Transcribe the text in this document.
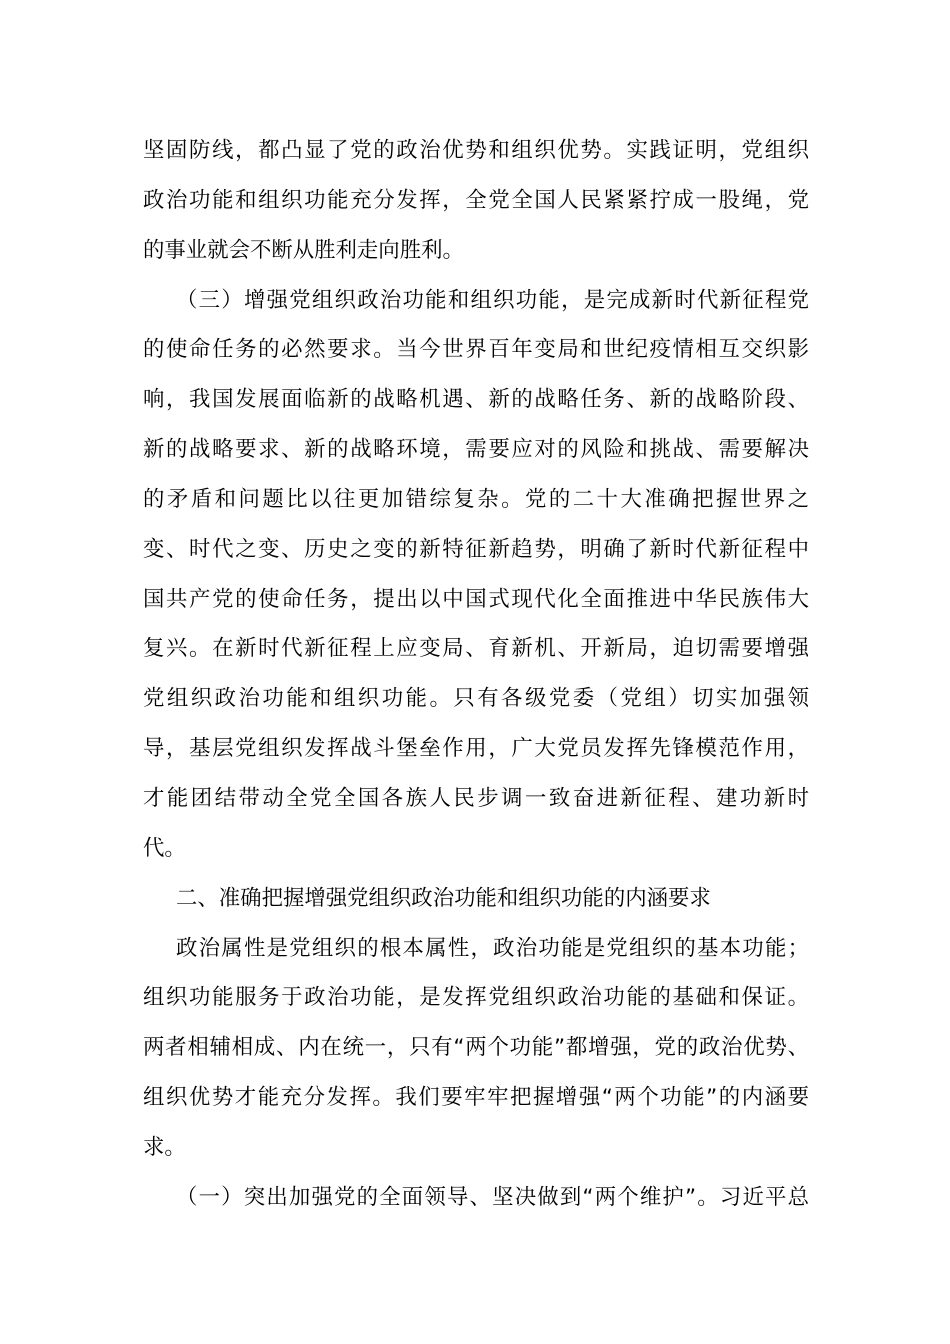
坚固防线，都凸显了党的政治优势和组织优势。实践证明，党组织
政治功能和组织功能充分发挥，全党全国人民紧紧拧成一股绳，党
的事业就会不断从胜利走向胜利。
（三）增强党组织政治功能和组织功能，是完成新时代新征程党
的使命任务的必然要求。当今世界百年变局和世纪疫情相互交织影
响，我国发展面临新的战略机遇、新的战略任务、新的战略阶段、
新的战略要求、新的战略环境，需要应对的风险和挑战、需要解决
的矛盾和问题比以往更加错综复杂。党的二十大准确把握世界之
变、时代之变、历史之变的新特征新趋势，明确了新时代新征程中
国共产党的使命任务，提出以中国式现代化全面推进中华民族伟大
复兴。在新时代新征程上应变局、育新机、开新局，迫切需要增强
党组织政治功能和组织功能。只有各级党委（党组）切实加强领
导，基层党组织发挥战斗堡垒作用，广大党员发挥先锋模范作用，
才能团结带动全党全国各族人民步调一致奋进新征程、建功新时
代。
二、准确把握增强党组织政治功能和组织功能的内涵要求
政治属性是党组织的根本属性，政治功能是党组织的基本功能；
组织功能服务于政治功能，是发挥党组织政治功能的基础和保证。
两者相辅相成、内在统一，只有“两个功能”都增强，党的政治优势、
组织优势才能充分发挥。我们要牢牢把握增强“两个功能”的内涵要
求。
（一）突出加强党的全面领导、坚决做到“两个维护”。习近平总
